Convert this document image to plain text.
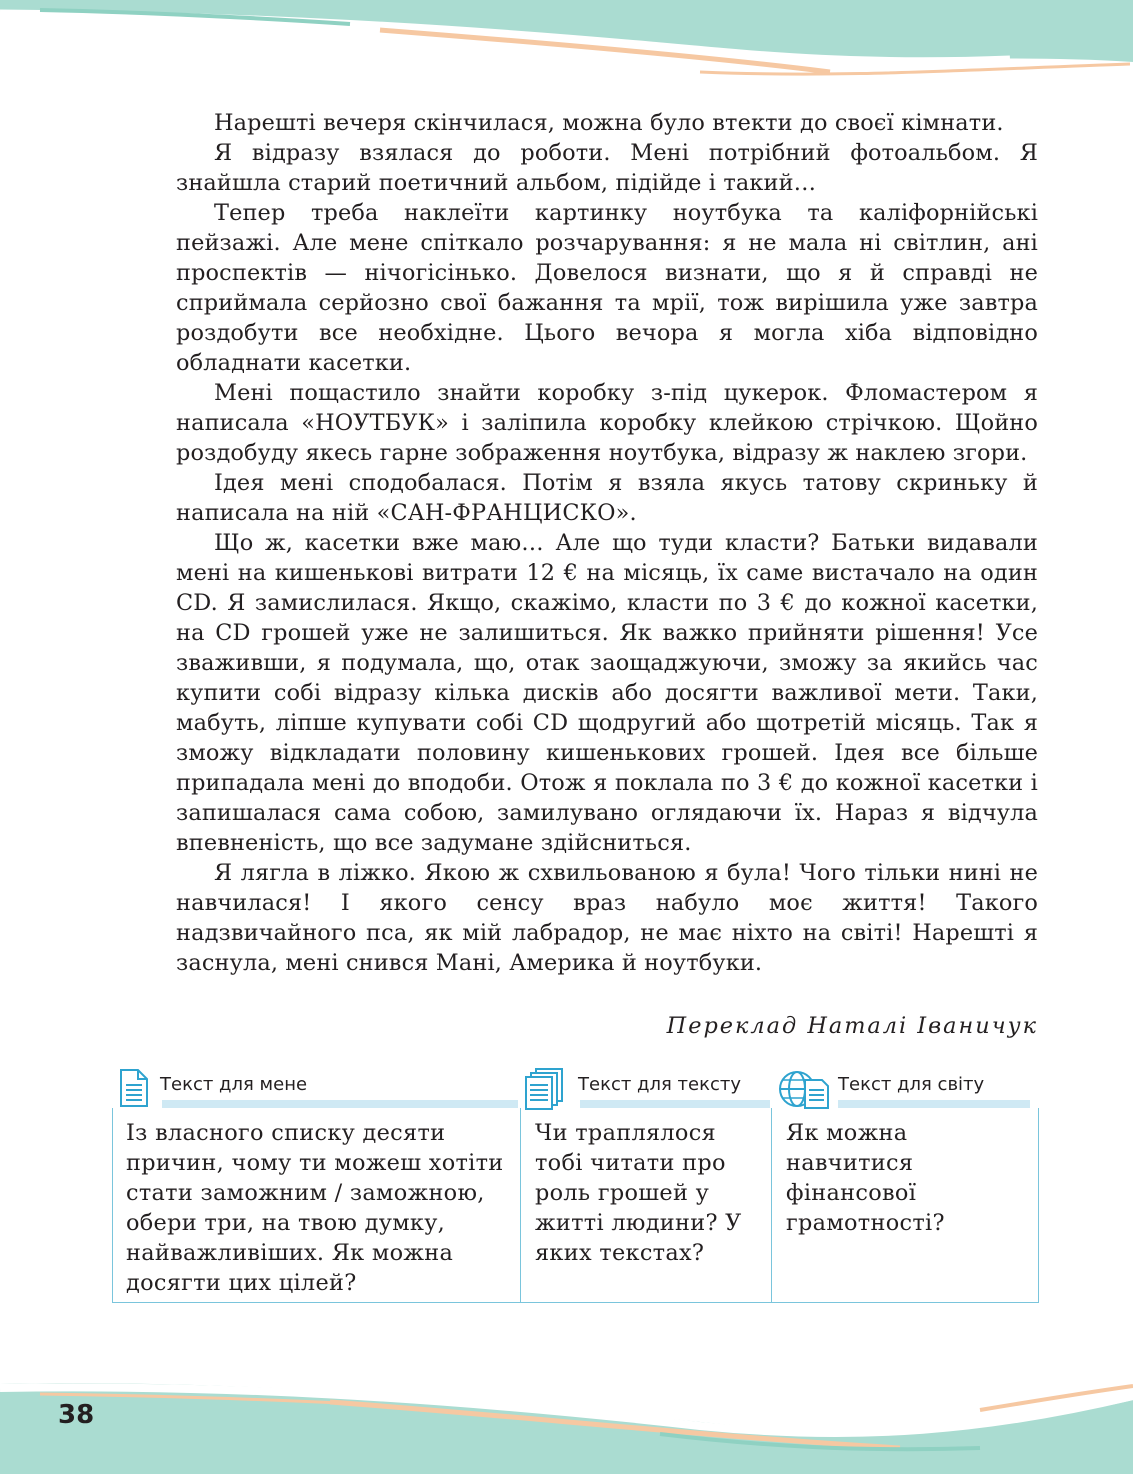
Нарешті вечеря скінчилася, можна було втекти до своєї кімнати.

Я відразу взялася до роботи. Мені потрібний фотоальбом. Я знайшла старий поетичний альбом, підійде і такий…

Тепер треба наклеїти картинку ноутбука та каліфорнійські пейзажі. Але мене спіткало розчарування: я не мала ні світлин, ані проспектів — нічогісінько. Довелося визнати, що я й справді не сприймала серйозно свої бажання та мрії, тож вирішила уже завтра роздобути все необхідне. Цього вечора я могла хіба відповідно обладнати касетки.

Мені пощастило знайти коробку з-під цукерок. Фломастером я написала «НОУТБУК» і заліпила коробку клейкою стрічкою. Щойно роздобуду якесь гарне зображення ноутбука, відразу ж наклею згори.

Ідея мені сподобалася. Потім я взяла якусь татову скриньку й написала на ній «САН-ФРАНЦИСКО».

Що ж, касетки вже маю… Але що туди класти? Батьки видавали мені на кишенькові витрати 12 € на місяць, їх саме вистачало на один CD. Я замислилася. Якщо, скажімо, класти по 3 € до кожної касетки, на CD грошей уже не залишиться. Як важко прийняти рішення! Усе зваживши, я подумала, що, отак заощаджуючи, зможу за якийсь час купити собі відразу кілька дисків або досягти важливої мети. Таки, мабуть, ліпше купувати собі CD щодругий або щотретій місяць. Так я зможу відкладати половину кишенькових грошей. Ідея все більше припадала мені до вподоби. Отож я поклала по 3 € до кожної касетки і запишалася сама собою, замилувано оглядаючи їх. Нараз я відчула впевненість, що все задумане здійсниться.

Я лягла в ліжко. Якою ж схвильованою я була! Чого тільки нині не навчилася! І якого сенсу враз набуло моє життя! Такого надзвичайного пса, як мій лабрадор, не має ніхто на світі! Нарешті я заснула, мені снився Мані, Америка й ноутбуки.

Переклад Наталі Іваничук
Текст для мене	Текст для тексту	Текст для світу
Із власного списку десяти причин, чому ти можеш хотіти стати заможним / заможною, обери три, на твою думку, найважливіших. Як можна досягти цих цілей?
Чи траплялося тобі читати про роль грошей у житті людини? У яких текстах?
Як можна навчитися фінансової грамотності?
38
